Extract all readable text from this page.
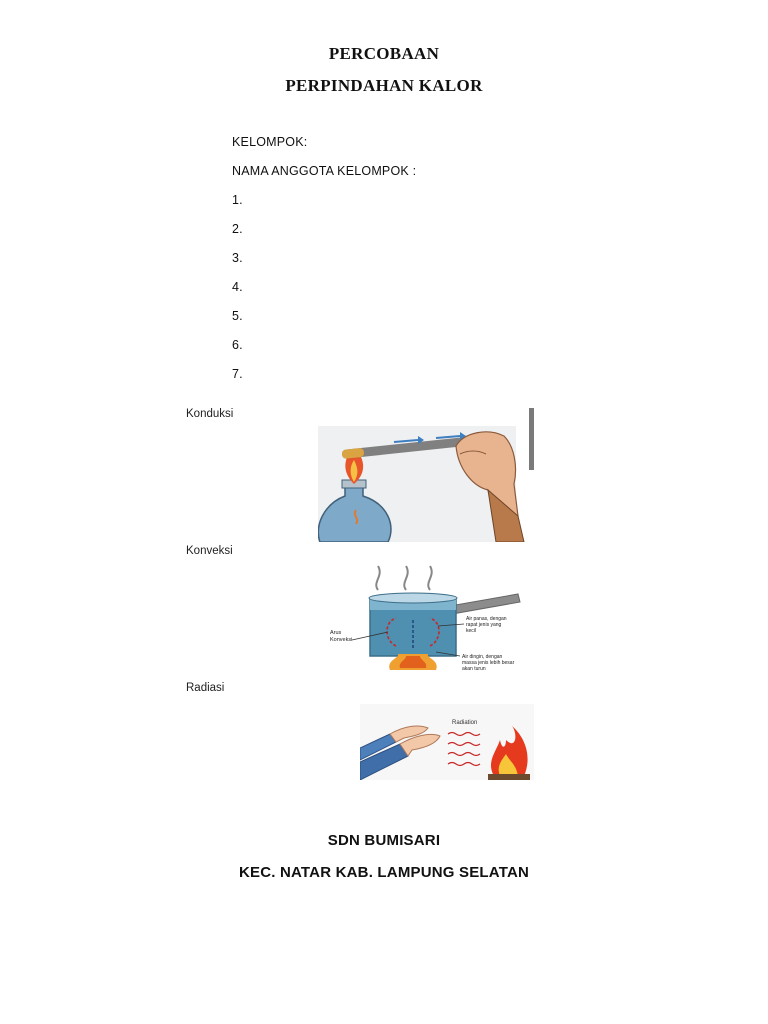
PERCOBAAN
PERPINDAHAN KALOR
KELOMPOK:
NAMA ANGGOTA KELOMPOK :
1.
2.
3.
4.
5.
6.
7.
Konduksi
Konveksi
Arus
Konveksi
Air panas, dengan
rapat jenis yang
kecil
Air dingin, dengan
massa jenis lebih besar
akan turun
Radiasi
Radiation
SDN BUMISARI
KEC. NATAR KAB. LAMPUNG SELATAN
